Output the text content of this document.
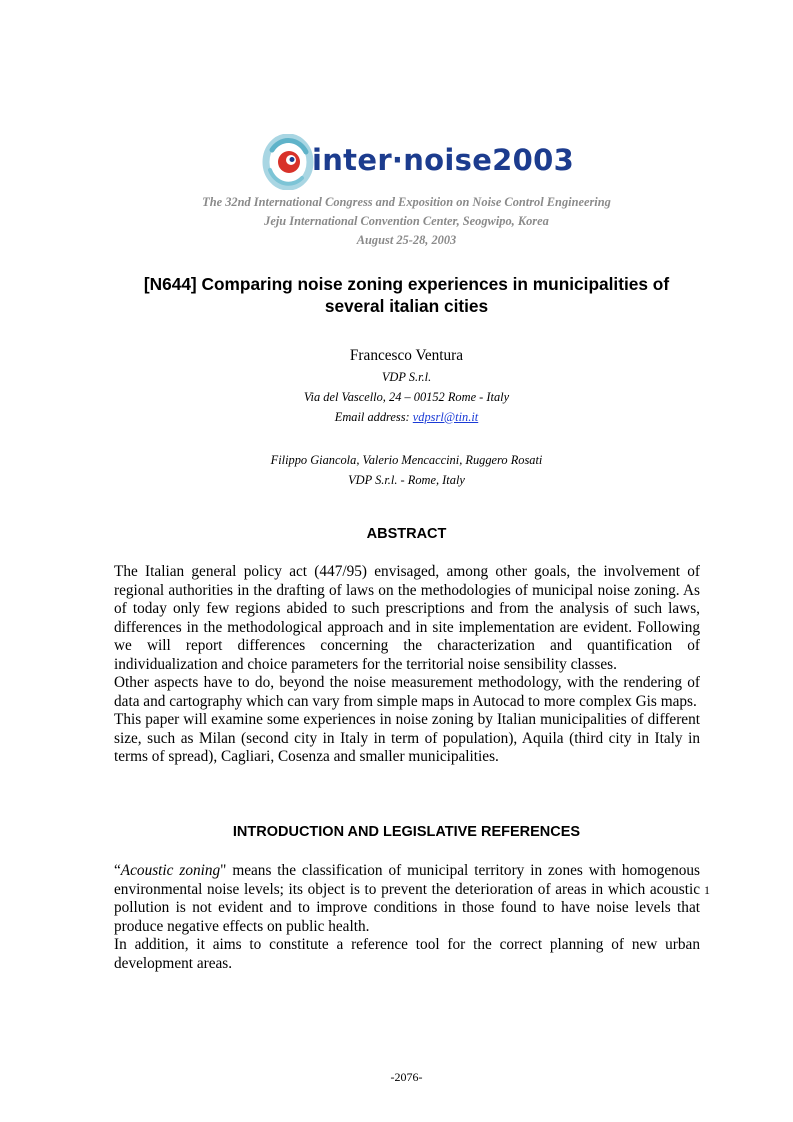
inter·noise2003
The 32nd International Congress and Exposition on Noise Control Engineering
Jeju International Convention Center, Seogwipo, Korea
August 25-28, 2003
[N644] Comparing noise zoning experiences in municipalities of
several italian cities
Francesco Ventura
VDP S.r.l.
Via del Vascello, 24 – 00152 Rome - Italy
Email address: vdpsrl@tin.it
Filippo Giancola, Valerio Mencaccini, Ruggero Rosati
VDP S.r.l. - Rome, Italy
ABSTRACT

The Italian general policy act (447/95) envisaged, among other goals, the involvement of regional authorities in the drafting of laws on the methodologies of municipal noise zoning. As of today only few regions abided to such prescriptions and from the analysis of such laws, differences in the methodological approach and in site implementation are evident. Following we will report differences concerning the characterization and quantification of individualization and choice parameters for the territorial noise sensibility classes.

Other aspects have to do, beyond the noise measurement methodology, with the rendering of data and cartography which can vary from simple maps in Autocad to more complex Gis maps.

This paper will examine some experiences in noise zoning by Italian municipalities of different size, such as Milan (second city in Italy in term of population), Aquila (third city in Italy in terms of spread), Cagliari, Cosenza and smaller municipalities.

INTRODUCTION AND LEGISLATIVE REFERENCES

“Acoustic zoning" means the classification of municipal territory in zones with homogenous environmental noise levels; its object is to prevent the deterioration of areas in which acoustic pollution is not evident and to improve conditions in those found to have noise levels that produce negative effects on public health.

In addition, it aims to constitute a reference tool for the correct planning of new urban development areas.

1
-2076-
